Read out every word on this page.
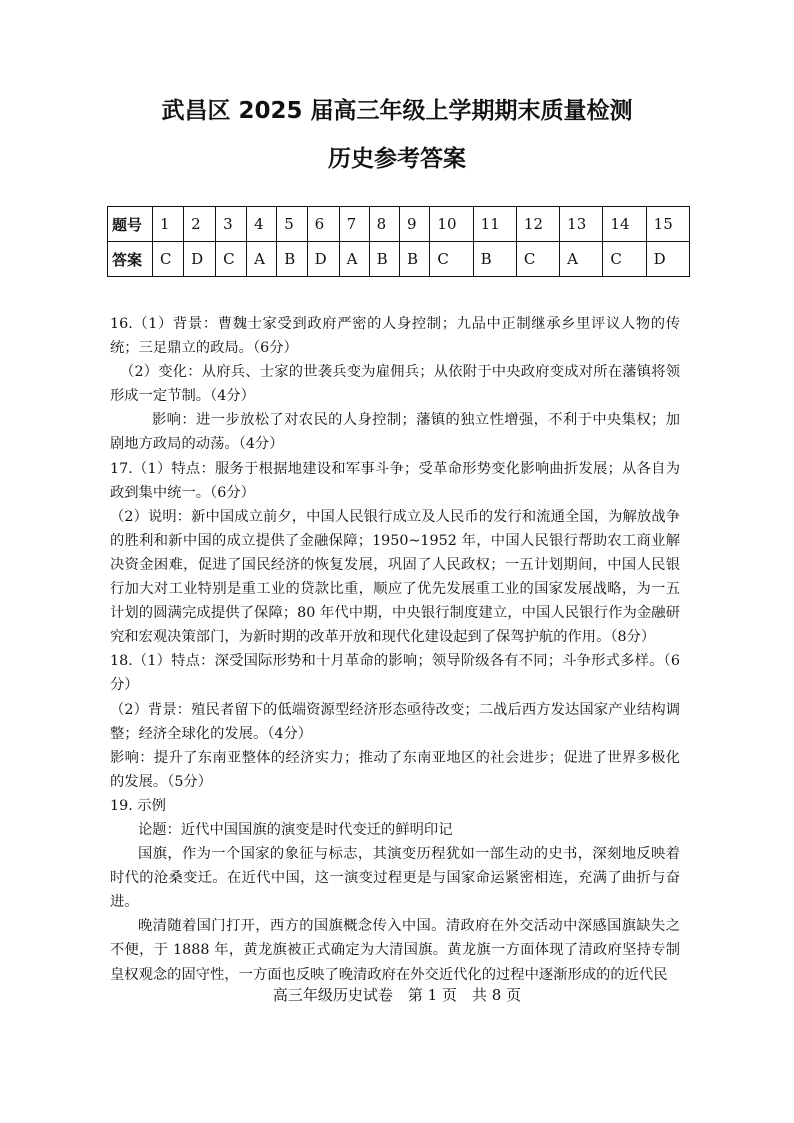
武昌区 2025 届高三年级上学期期末质量检测
历史参考答案
题号	1	2	3	4	5	6	7	8	9	10	11	12	13	14	15
答案	C	D	C	A	B	D	A	B	B	C	B	C	A	C	D

16.（1）背景：曹魏士家受到政府严密的人身控制；九品中正制继承乡里评议人物的传统；三足鼎立的政局。（6分）

（2）变化：从府兵、士家的世袭兵变为雇佣兵；从依附于中央政府变成对所在藩镇将领形成一定节制。（4分）

影响：进一步放松了对农民的人身控制；藩镇的独立性增强，不利于中央集权；加剧地方政局的动荡。（4分）

17.（1）特点：服务于根据地建设和军事斗争；受革命形势变化影响曲折发展；从各自为政到集中统一。（6分）

（2）说明：新中国成立前夕，中国人民银行成立及人民币的发行和流通全国，为解放战争的胜利和新中国的成立提供了金融保障；1950~1952 年，中国人民银行帮助农工商业解决资金困难，促进了国民经济的恢复发展，巩固了人民政权；一五计划期间，中国人民银行加大对工业特别是重工业的贷款比重，顺应了优先发展重工业的国家发展战略，为一五计划的圆满完成提供了保障；80 年代中期，中央银行制度建立，中国人民银行作为金融研究和宏观决策部门，为新时期的改革开放和现代化建设起到了保驾护航的作用。（8分）

18.（1）特点：深受国际形势和十月革命的影响；领导阶级各有不同；斗争形式多样。（6分）

（2）背景：殖民者留下的低端资源型经济形态亟待改变；二战后西方发达国家产业结构调整；经济全球化的发展。（4分）

影响：提升了东南亚整体的经济实力；推动了东南亚地区的社会进步；促进了世界多极化的发展。（5分）

19. 示例

论题：近代中国国旗的演变是时代变迁的鲜明印记

国旗，作为一个国家的象征与标志，其演变历程犹如一部生动的史书，深刻地反映着时代的沧桑变迁。在近代中国，这一演变过程更是与国家命运紧密相连，充满了曲折与奋进。

晚清随着国门打开，西方的国旗概念传入中国。清政府在外交活动中深感国旗缺失之不便，于 1888 年，黄龙旗被正式确定为大清国旗。黄龙旗一方面体现了清政府坚持专制皇权观念的固守性，一方面也反映了晚清政府在外交近代化的过程中逐渐形成的的近代民

高三年级历史试卷　第 1 页　共 8 页
